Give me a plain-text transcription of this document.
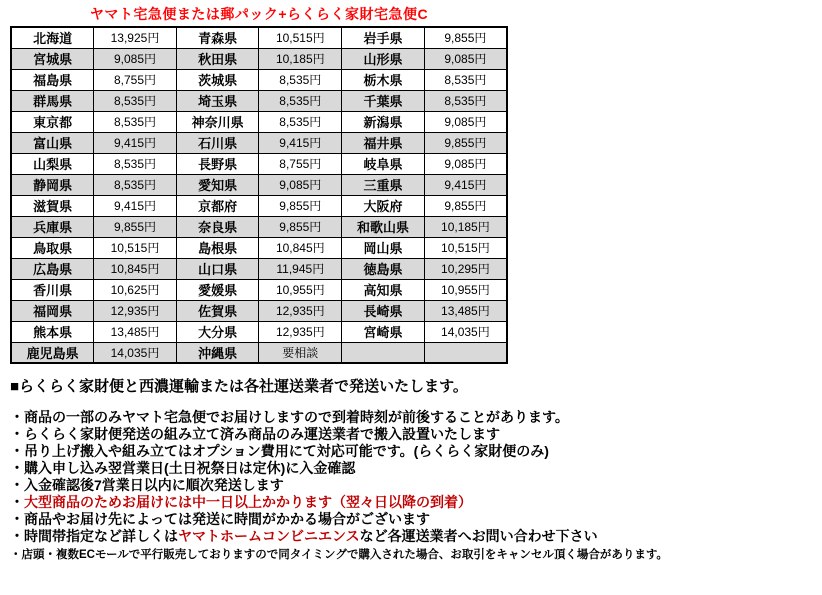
ヤマト宅急便または郵パック+らくらく家財宅急便C
北海道	13,925円	青森県	10,515円	岩手県	9,855円
宮城県	9,085円	秋田県	10,185円	山形県	9,085円
福島県	8,755円	茨城県	8,535円	栃木県	8,535円
群馬県	8,535円	埼玉県	8,535円	千葉県	8,535円
東京都	8,535円	神奈川県	8,535円	新潟県	9,085円
富山県	9,415円	石川県	9,415円	福井県	9,855円
山梨県	8,535円	長野県	8,755円	岐阜県	9,085円
静岡県	8,535円	愛知県	9,085円	三重県	9,415円
滋賀県	9,415円	京都府	9,855円	大阪府	9,855円
兵庫県	9,855円	奈良県	9,855円	和歌山県	10,185円
鳥取県	10,515円	島根県	10,845円	岡山県	10,515円
広島県	10,845円	山口県	11,945円	徳島県	10,295円
香川県	10,625円	愛媛県	10,955円	高知県	10,955円
福岡県	12,935円	佐賀県	12,935円	長崎県	13,485円
熊本県	13,485円	大分県	12,935円	宮崎県	14,035円
鹿児島県	14,035円	沖縄県	要相談		
■らくらく家財便と西濃運輸または各社運送業者で発送いたします。
・商品の一部のみヤマト宅急便でお届けしますので到着時刻が前後することがあります。
・らくらく家財便発送の組み立て済み商品のみ運送業者で搬入設置いたします
・吊り上げ搬入や組み立てはオプション費用にて対応可能です。(らくらく家財便のみ)
・購入申し込み翌営業日(土日祝祭日は定休)に入金確認
・入金確認後7営業日以内に順次発送します
・大型商品のためお届けには中一日以上かかります（翌々日以降の到着）
・商品やお届け先によっては発送に時間がかかる場合がございます
・時間帯指定など詳しくはヤマトホームコンビニエンスなど各運送業者へお問い合わせ下さい
・店頭・複数ECモールで平行販売しておりますので同タイミングで購入された場合、お取引をキャンセル頂く場合があります。
